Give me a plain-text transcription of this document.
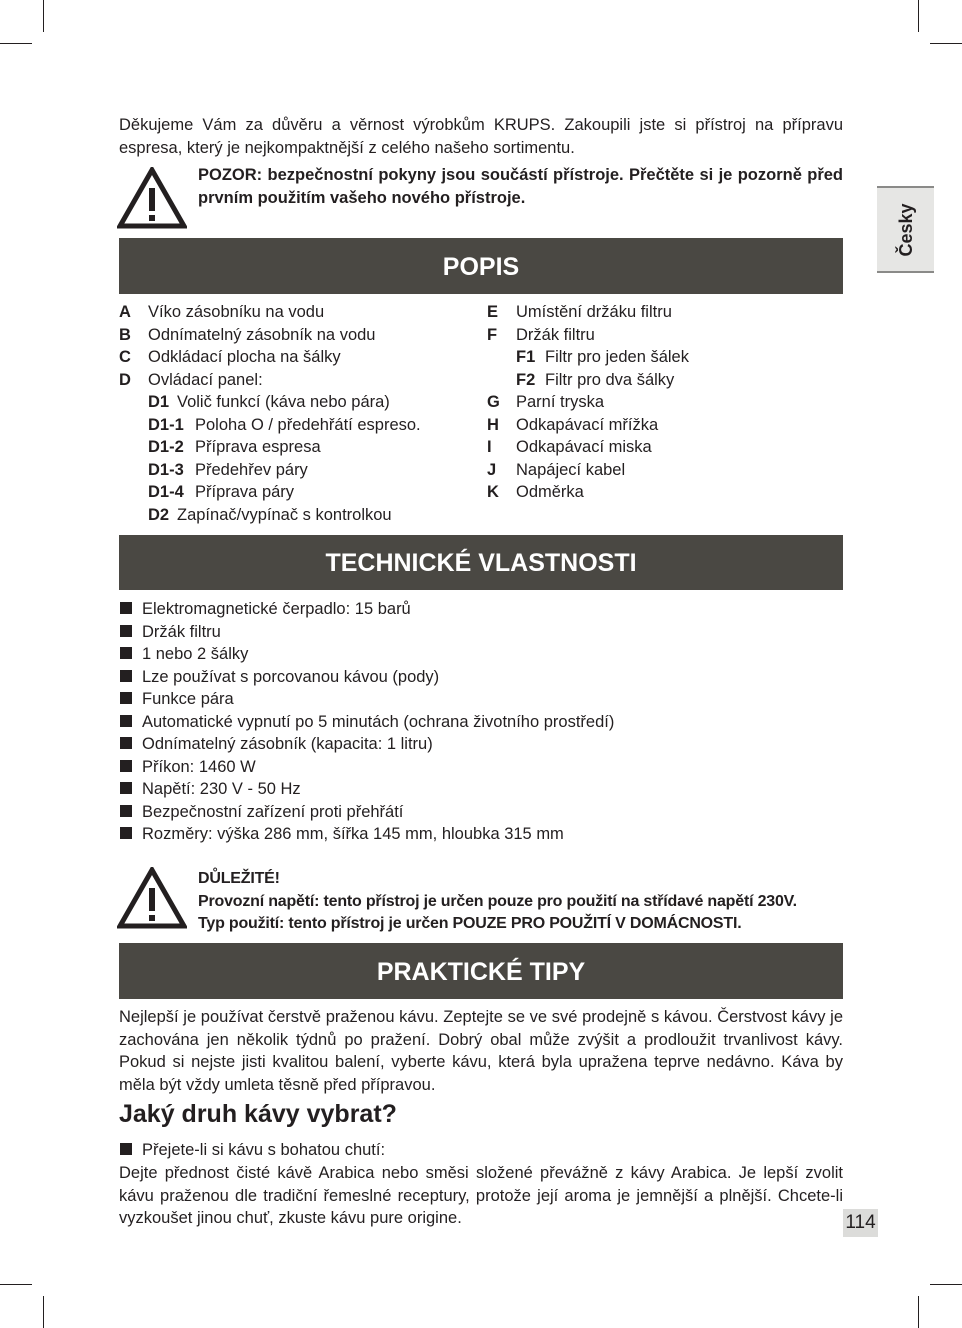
Česky
114

Děkujeme Vám za důvěru a věrnost výrobkům KRUPS. Zakoupili jste si přístroj na přípravu espresa, který je nejkompaktnější z celého našeho sortimentu.

POZOR: bezpečnostní pokyny jsou součástí přístroje. Přečtěte si je pozorně před prvním použitím vašeho nového přístroje.

POPIS
A Víko zásobníku na vodu
B Odnímatelný zásobník na vodu
C Odkládací plocha na šálky
D Ovládací panel:
D1 Volič funkcí (káva nebo pára)
D1-1 Poloha O / předehřátí espreso.
D1-2 Příprava espresa
D1-3 Předehřev páry
D1-4 Příprava páry
D2 Zapínač/vypínač s kontrolkou
E Umístění držáku filtru
F Držák filtru
F1 Filtr pro jeden šálek
F2 Filtr pro dva šálky
G Parní tryska
H Odkapávací mřížka
I Odkapávací miska
J Napájecí kabel
K Odměrka
TECHNICKÉ VLASTNOSTI
Elektromagnetické čerpadlo: 15 barů
Držák filtru
1 nebo 2 šálky
Lze používat s porcovanou kávou (pody)
Funkce pára
Automatické vypnutí po 5 minutách (ochrana životního prostředí)
Odnímatelný zásobník (kapacita: 1 litru)
Příkon: 1460 W
Napětí: 230 V - 50 Hz
Bezpečnostní zařízení proti přehřátí
Rozměry: výška 286 mm, šířka 145 mm, hloubka 315 mm
DŮLEŽITÉ!
Provozní napětí: tento přístroj je určen pouze pro použití na střídavé napětí 230V.
Typ použití: tento přístroj je určen POUZE PRO POUŽITÍ V DOMÁCNOSTI.
PRAKTICKÉ TIPY

Nejlepší je používat čerstvě praženou kávu. Zeptejte se ve své prodejně s kávou. Čerstvost kávy je zachována jen několik týdnů po pražení. Dobrý obal může zvýšit a prodloužit trvanlivost kávy. Pokud si nejste jisti kvalitou balení, vyberte kávu, která byla upražena teprve nedávno. Káva by měla být vždy umleta těsně před přípravou.

Jaký druh kávy vybrat?
Přejete-li si kávu s bohatou chutí:

Dejte přednost čisté kávě Arabica nebo směsi složené převážně z kávy Arabica. Je lepší zvolit kávu praženou dle tradiční řemeslné receptury, protože její aroma je jemnější a plnější. Chcete-li vyzkoušet jinou chuť, zkuste kávu pure origine.
